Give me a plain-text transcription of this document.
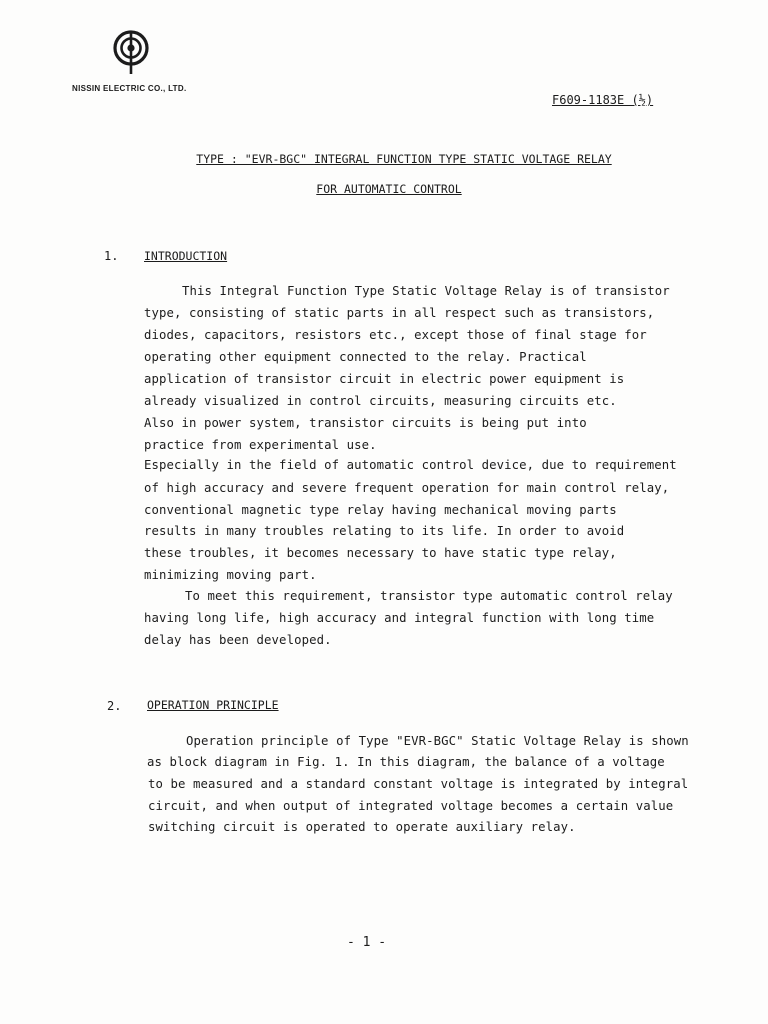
NISSIN ELECTRIC CO., LTD.
F609-1183E (½)
TYPE : "EVR-BGC" INTEGRAL FUNCTION TYPE STATIC VOLTAGE RELAY
FOR AUTOMATIC CONTROL
1. INTRODUCTION
This Integral Function Type Static Voltage Relay is of transistor
type, consisting of static parts in all respect such as transistors,
diodes, capacitors, resistors etc., except those of final stage for
operating other equipment connected to the relay. Practical
application of transistor circuit in electric power equipment is
already visualized in control circuits, measuring circuits etc.
Also in power system, transistor circuits is being put into
practice from experimental use.
Especially in the field of automatic control device, due to requirement
of high accuracy and severe frequent operation for main control relay,
conventional magnetic type relay having mechanical moving parts
results in many troubles relating to its life. In order to avoid
these troubles, it becomes necessary to have static type relay,
minimizing moving part.
To meet this requirement, transistor type automatic control relay
having long life, high accuracy and integral function with long time
delay has been developed.
2. OPERATION PRINCIPLE
Operation principle of Type "EVR-BGC" Static Voltage Relay is shown
as block diagram in Fig. 1. In this diagram, the balance of a voltage
to be measured and a standard constant voltage is integrated by integral
circuit, and when output of integrated voltage becomes a certain value
switching circuit is operated to operate auxiliary relay.
- 1 -
